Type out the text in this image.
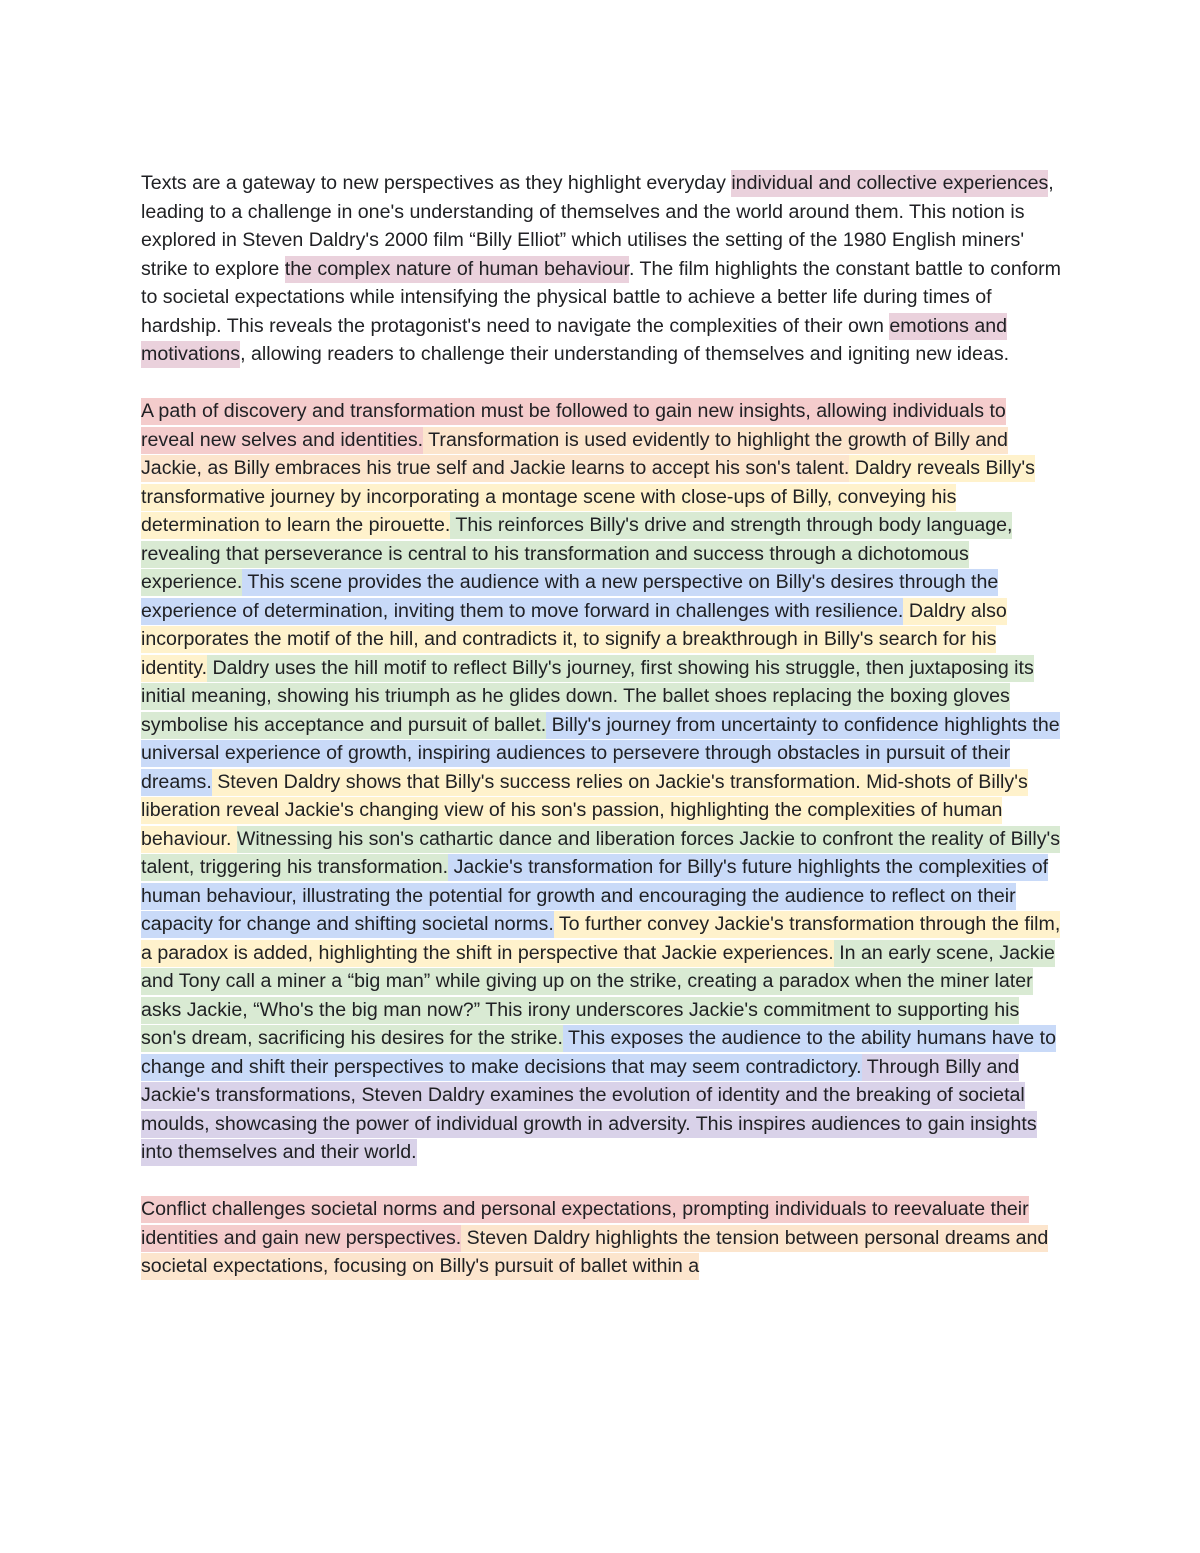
Texts are a gateway to new perspectives as they highlight everyday individual and collective experiences, leading to a challenge in one's understanding of themselves and the world around them. This notion is explored in Steven Daldry's 2000 film “Billy Elliot” which utilises the setting of the 1980 English miners' strike to explore the complex nature of human behaviour. The film highlights the constant battle to conform to societal expectations while intensifying the physical battle to achieve a better life during times of hardship. This reveals the protagonist's need to navigate the complexities of their own emotions and motivations, allowing readers to challenge their understanding of themselves and igniting new ideas.

A path of discovery and transformation must be followed to gain new insights, allowing individuals to reveal new selves and identities. Transformation is used evidently to highlight the growth of Billy and Jackie, as Billy embraces his true self and Jackie learns to accept his son's talent. Daldry reveals Billy's transformative journey by incorporating a montage scene with close-ups of Billy, conveying his determination to learn the pirouette. This reinforces Billy's drive and strength through body language, revealing that perseverance is central to his transformation and success through a dichotomous experience. This scene provides the audience with a new perspective on Billy's desires through the experience of determination, inviting them to move forward in challenges with resilience. Daldry also incorporates the motif of the hill, and contradicts it, to signify a breakthrough in Billy's search for his identity. Daldry uses the hill motif to reflect Billy's journey, first showing his struggle, then juxtaposing its initial meaning, showing his triumph as he glides down. The ballet shoes replacing the boxing gloves symbolise his acceptance and pursuit of ballet. Billy's journey from uncertainty to confidence highlights the universal experience of growth, inspiring audiences to persevere through obstacles in pursuit of their dreams. Steven Daldry shows that Billy's success relies on Jackie's transformation. Mid-shots of Billy's liberation reveal Jackie's changing view of his son's passion, highlighting the complexities of human behaviour. Witnessing his son's cathartic dance and liberation forces Jackie to confront the reality of Billy's talent, triggering his transformation. Jackie's transformation for Billy's future highlights the complexities of human behaviour, illustrating the potential for growth and encouraging the audience to reflect on their capacity for change and shifting societal norms. To further convey Jackie's transformation through the film, a paradox is added, highlighting the shift in perspective that Jackie experiences. In an early scene, Jackie and Tony call a miner a “big man” while giving up on the strike, creating a paradox when the miner later asks Jackie, “Who's the big man now?” This irony underscores Jackie's commitment to supporting his son's dream, sacrificing his desires for the strike. This exposes the audience to the ability humans have to change and shift their perspectives to make decisions that may seem contradictory. Through Billy and Jackie's transformations, Steven Daldry examines the evolution of identity and the breaking of societal moulds, showcasing the power of individual growth in adversity. This inspires audiences to gain insights into themselves and their world.

Conflict challenges societal norms and personal expectations, prompting individuals to reevaluate their identities and gain new perspectives. Steven Daldry highlights the tension between personal dreams and societal expectations, focusing on Billy's pursuit of ballet within a
